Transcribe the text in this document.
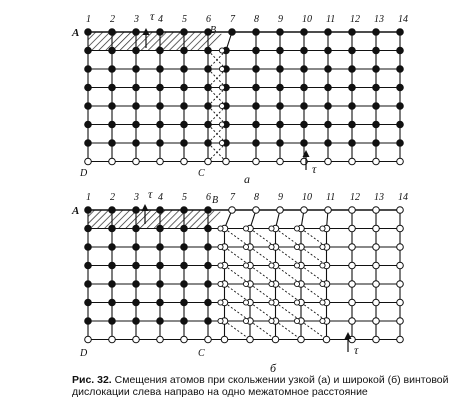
1 2 3 4 5 6 7 8 9 10 11 12 13 14
A	B
C
D
τ
τ
а
1 2 3 4 5 6 7 8 9 10 11 12 13 14
A
B
C
D
τ
τ
б
Рис. 32. Смещения атомов при скольжении узкой (а) и широкой (б) винтовой дислокации слева направо на одно межатомное расстояние
